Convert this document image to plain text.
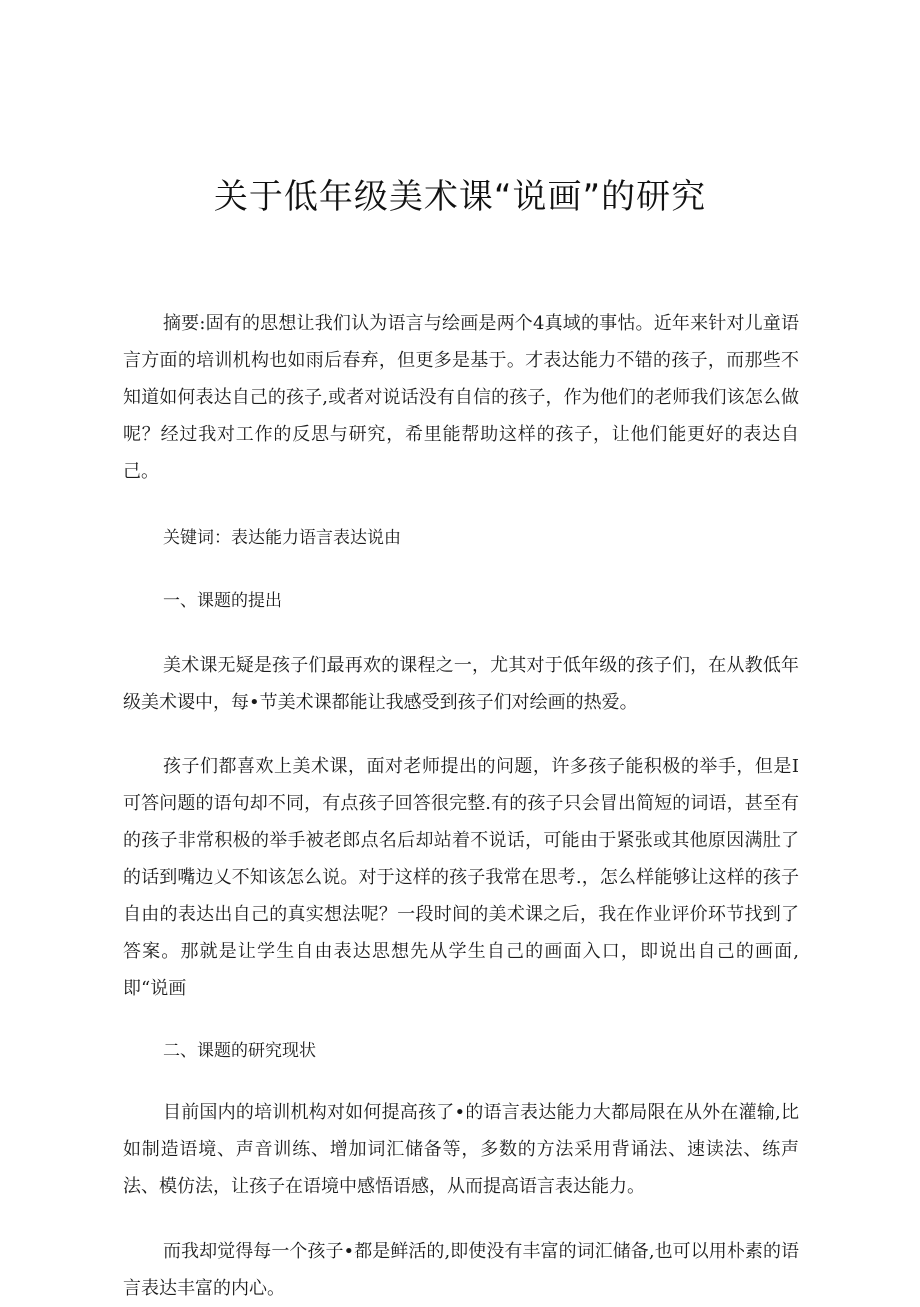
关于低年级美术课“说画”的研究

摘要:固有的思想让我们认为语言与绘画是两个4真域的事怙。近年来针对儿童语言方面的培训机构也如雨后春弃，但更多是基于。才表达能力不错的孩子，而那些不知道如何表达自己的孩子,或者对说话没有自信的孩子，作为他们的老师我们该怎么做呢？经过我对工作的反思与研究，希里能帮助这样的孩子，让他们能更好的表达自己。

关键词：表达能力语言表达说由

一、课题的提出

美术课无疑是孩子们最再欢的课程之一，尤其对于低年级的孩子们，在从教低年级美术谡中，每•节美术课都能让我感受到孩子们对绘画的热爱。

孩子们都喜欢上美术课，面对老师提出的问题，许多孩子能积极的举手，但是I可答问题的语句却不同，有点孩子回答很完整.有的孩子只会冒出简短的词语，甚至有的孩子非常积极的举手被老郎点名后却站着不说话，可能由于紧张或其他原因满肚了的话到嘴边乂不知该怎么说。对于这样的孩子我常在思考.，怎么样能够让这样的孩子自由的表达出自己的真实想法呢？一段时间的美术课之后，我在作业评价环节找到了答案。那就是让学生自由表达思想先从学生自己的画面入口，即说出自己的画面,即“说画

二、课题的研究现状

目前国内的培训机构对如何提高孩了•的语言表达能力大都局限在从外在灌输,比如制造语境、声音训练、增加词汇储备等，多数的方法采用背诵法、速读法、练声法、模仿法，让孩子在语境中感悟语感，从而提高语言表达能力。

而我却觉得每一个孩子•都是鲜活的,即使没有丰富的词汇储备,也可以用朴素的语言表达丰富的内心。
